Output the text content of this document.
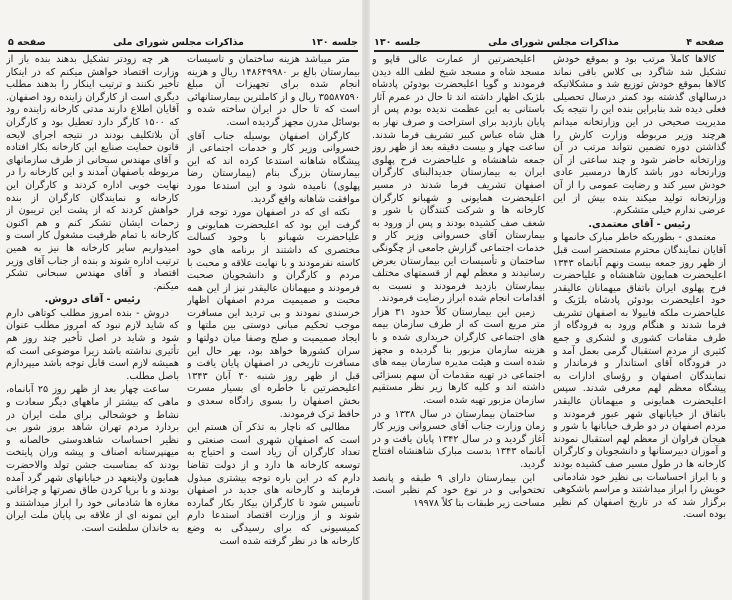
جلسه ۱۳۰
مذاکرات مجلس شورای ملی
صفحه ۵

متر میباشد هزینه ساختمان و تأسیسات بیمارستان بالغ بر ۱۴۸۶۴۹۹۸۰ ریال و هزینه انجام شده برای تجهیزات آن مبلغ ۳۵۵۸۷۵۹۰ ریال و از کاملترین بیمارستانهائی است که تا حال در ایران ساخته شده و بوسائل مدرن مجهز گردیده است.

کارگران اصفهان بوسیله جناب آقای خسروانی وزیر کار و خدمات اجتماعی از پیشگاه شاهانه استدعا کرده اند که این بیمارستان بزرگ بنام (بیمارستان رضا پهلوی) نامیده شود و این استدعا مورد موافقت شاهانه واقع گردید.

نکته ای که در اصفهان مورد توجه قرار گرفت این بود که اعلیحضرت همایونی و علیاحضرت شهبانو با وجود کسالت مختصری که داشتند از برنامه های خود کاسته نفرمودند و با نهایت علاقه و محبت با مردم و کارگران و دانشجویان صحبت فرمودند و میهمانان عالیقدر نیز از این همه محبت و صمیمیت مردم اصفهان اظهار خرسندی نمودند و بی تردید این مسافرت موجب تحکیم مبانی دوستی بین ملتها و ایجاد صمیمیت و صلح وصفا میان دولتها و سران کشورها خواهد بود، بهر حال این مسافرت تاریخی در اصفهان پایان یافت و قبل از ظهر روز شنبه ۳۰ آبان ۱۳۴۳ اعلیحضرتین با خاطره ای بسیار مسرت بخش اصفهان را بسوی زادگاه سعدی و حافظ ترک فرمودند.

مطالبی که ناچار به تذکر آن هستم این است که اصفهان شهری است صنعتی و تعداد کارگران آن زیاد است و احتیاج به توسعه کارخانه ها دارد و از دولت تقاضا دارم که در این باره توجه بیشتری مبذول فرمایند و کارخانه های جدید در اصفهان تأسیس شود تا کارگران بیکار بکار گمارده شوند و از وزارت اقتصاد استدعا دارم کمیسیونی که برای رسیدگی به وضع کارخانه ها در نظر گرفته شده است

هر چه زودتر تشکیل بدهند بنده باز از وزارت اقتصاد خواهش میکنم که در اینکار تأخیر نکنند و ترتیب اینکار را بدهند مطلب دیگری است از کارگران زاینده رود اصفهان. آقایان اطلاع دارند مدتی کارخانه زاینده رود که ۱۵۰۰ کارگر دارد تعطیل بود و کارگران آن بلاتکلیف بودند در نتیجه اجرای لایحه قانون حمایت صنایع این کارخانه بکار افتاده و آقای مهندس سبحانی از طرف سازمانهای مربوطه باصفهان آمدند و این کارخانه را در نهایت خوبی اداره کردند و کارگران این کارخانه و نمایندگان کارگران از بنده خواهش کردند که از پشت این تریبون از زحمات ایشان تشکر کنم و هم اکنون کارخانه با تمام ظرفیت مشغول کار است و امیدواریم سایر کارخانه ها نیز به همین ترتیب اداره شوند و بنده از جناب آقای وزیر اقتصاد و آقای مهندس سبحانی تشکر میکنم.

رئیس - آقای دروش.

دروش - بنده امروز مطلب کوتاهی دارم که شاید لازم نبود که امروز مطلب عنوان شود و شاید در اصل تأخیر چند روز هم تأثیری نداشته باشد زیرا موضوعی است که همیشه لازم است قابل توجه باشد میپردازم باصل مطلب.

ساعت چهار بعد از ظهر روز ۲۵ آبانماه، ماهی که بیشتر از ماههای دیگر سعادت و نشاط و خوشحالی برای ملت ایران در بردارد مردم تهران شاهد بروز شور بی نظیر احساسات شاهدوستی خالصانه و میهنپرستانه اصناف و پیشه وران پایتخت بودند که بمناسبت جشن تولد والاحضرت همایون ولایتعهد در خیابانهای شهر گرد آمده بودند و با برپا کردن طاق نصرتها و چراغانی مغازه ها شادمانی خود را ابراز میداشتند و این نمونه ای از علاقه بی پایان ملت ایران به خاندان سلطنت است.

صفحه ۴
مذاکرات مجلس شورای ملی
جلسه ۱۳۰

کالاها کاملاً مرتب بود و بموقع خودش تشکیل شد شاگرد بی کلاس باقی نماند کالاها بموقع خودش توزیع شد و مشکلاتیکه درسالهای گذشته بود کمتر درسال تحصیلی فعلی دیده شد بنابراین بنده این را نتیجه یک مدیریت صحیحی در این وزارتخانه میدانم هرچند وزیر مربوطه وزارت کارش را گذاشتن دوره تضمین نتواند مرتب در آن وزارتخانه حاضر شود و چند ساعتی از آن وزارتخانه دور باشد کارها درمسیر عادی خودش سیر کند و رضایت عمومی را از آن وزارتخانه تولید میکند بنده بیش از این عرضی ندارم خیلی متشکرم.

رئیس - آقای معتمدی.

معتمدی - بطوریکه خاطر مبارک خانمها و آقایان نمایندگان محترم مستحضر است قبل از ظهر روز جمعه بیست ونهم آبانماه ۱۳۴۳ اعلیحضرت همایون شاهنشاه و علیاحضرت فرح پهلوی ایران باتفاق میهمانان عالیقدر خود اعلیحضرت بودوئن پادشاه بلژیک و علیاحضرت ملکه فابیولا به اصفهان تشریف فرما شدند و هنگام ورود به فرودگاه از طرف مقامات کشوری و لشکری و جمع کثیری از مردم استقبال گرمی بعمل آمد و در فرودگاه آقای استاندار و فرماندار و نمایندگان اصفهان و رؤسای ادارات به پیشگاه معظم لهم معرفی شدند. سپس اعلیحضرت همایونی و میهمانان عالیقدر باتفاق از خیابانهای شهر عبور فرمودند و مردم اصفهان در دو طرف خیابانها با شور و هیجان فراوان از معظم لهم استقبال نمودند و آموزان دبیرستانها و دانشجویان و کارگران کارخانه ها در طول مسیر صف کشیده بودند و با ابراز احساسات بی نظیر خود شادمانی خویش را ابراز میداشتند و مراسم باشکوهی برگزار شد که در تاریخ اصفهان کم نظیر بوده است.

اعلیحضرتین از عمارت عالی قاپو و مسجد شاه و مسجد شیخ لطف الله دیدن فرمودند و گویا اعلیحضرت بودوئن پادشاه بلژیک اظهار داشته اند تا حال در عمرم آثار باستانی به این عظمت ندیده بودم پس از پایان بازدید برای استراحت و صرف نهار به هتل شاه عباس کبیر تشریف فرما شدند. ساعت چهار و بیست دقیقه بعد از ظهر روز جمعه شاهنشاه و علیاحضرت فرح پهلوی ایران به بیمارستان جدیدالبنای کارگران اصفهان تشریف فرما شدند در مسیر اعلیحضرت همایونی و شهبانو کارگران کارخانه ها و شرکت کنندگان با شور و شعف صف کشیده بودند و پس از ورود به بیمارستان آقای خسروانی وزیر کار و خدمات اجتماعی گزارش جامعی از چگونگی ساختمان و تأسیسات این بیمارستان بعرض رسانیدند و معظم لهم از قسمتهای مختلف بیمارستان بازدید فرمودند و نسبت به اقدامات انجام شده ابراز رضایت فرمودند.

زمین این بیمارستان کلاً حدود ۳۱ هزار متر مربع است که از طرف سازمان بیمه های اجتماعی کارگران خریداری شده و با هزینه سازمان مزبور بنا گردیده و مجهز شده است و هیئت مدیره سازمان بیمه های اجتماعی در تهیه مقدمات آن سهم بسزائی داشته اند و کلیه کارها زیر نظر مستقیم سازمان مزبور تهیه شده است.

ساختمان بیمارستان در سال ۱۳۳۸ و در زمان وزارت جناب آقای خسروانی وزیر کار آغاز گردید و در سال ۱۳۴۲ پایان یافت و در آبانماه ۱۳۴۳ بدست مبارک شاهنشاه افتتاح گردید.

این بیمارستان دارای ۹ طبقه و پانصد تختخوابی و در نوع خود کم نظیر است. مساحت زیر طبقات بنا کلاً ۱۹۹۷۸
